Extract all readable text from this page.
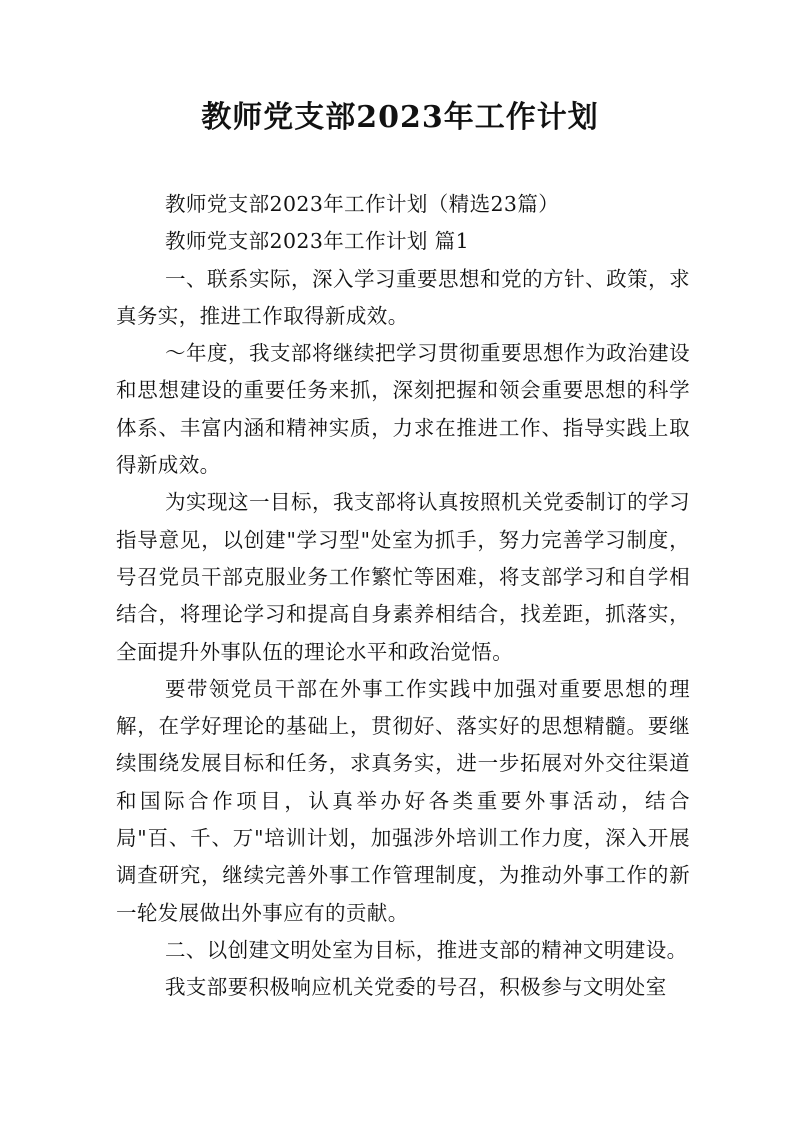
教师党支部2023年工作计划

教师党支部2023年工作计划（精选23篇）

教师党支部2023年工作计划 篇1

一、联系实际，深入学习重要思想和党的方针、政策，求真务实，推进工作取得新成效。

～年度，我支部将继续把学习贯彻重要思想作为政治建设和思想建设的重要任务来抓，深刻把握和领会重要思想的科学体系、丰富内涵和精神实质，力求在推进工作、指导实践上取得新成效。

为实现这一目标，我支部将认真按照机关党委制订的学习指导意见，以创建"学习型"处室为抓手，努力完善学习制度，号召党员干部克服业务工作繁忙等困难，将支部学习和自学相结合，将理论学习和提高自身素养相结合，找差距，抓落实，全面提升外事队伍的理论水平和政治觉悟。

要带领党员干部在外事工作实践中加强对重要思想的理解，在学好理论的基础上，贯彻好、落实好的思想精髓。要继续围绕发展目标和任务，求真务实，进一步拓展对外交往渠道和国际合作项目，认真举办好各类重要外事活动，结合局"百、千、万"培训计划，加强涉外培训工作力度，深入开展调查研究，继续完善外事工作管理制度，为推动外事工作的新一轮发展做出外事应有的贡献。

二、以创建文明处室为目标，推进支部的精神文明建设。

我支部要积极响应机关党委的号召，积极参与文明处室
